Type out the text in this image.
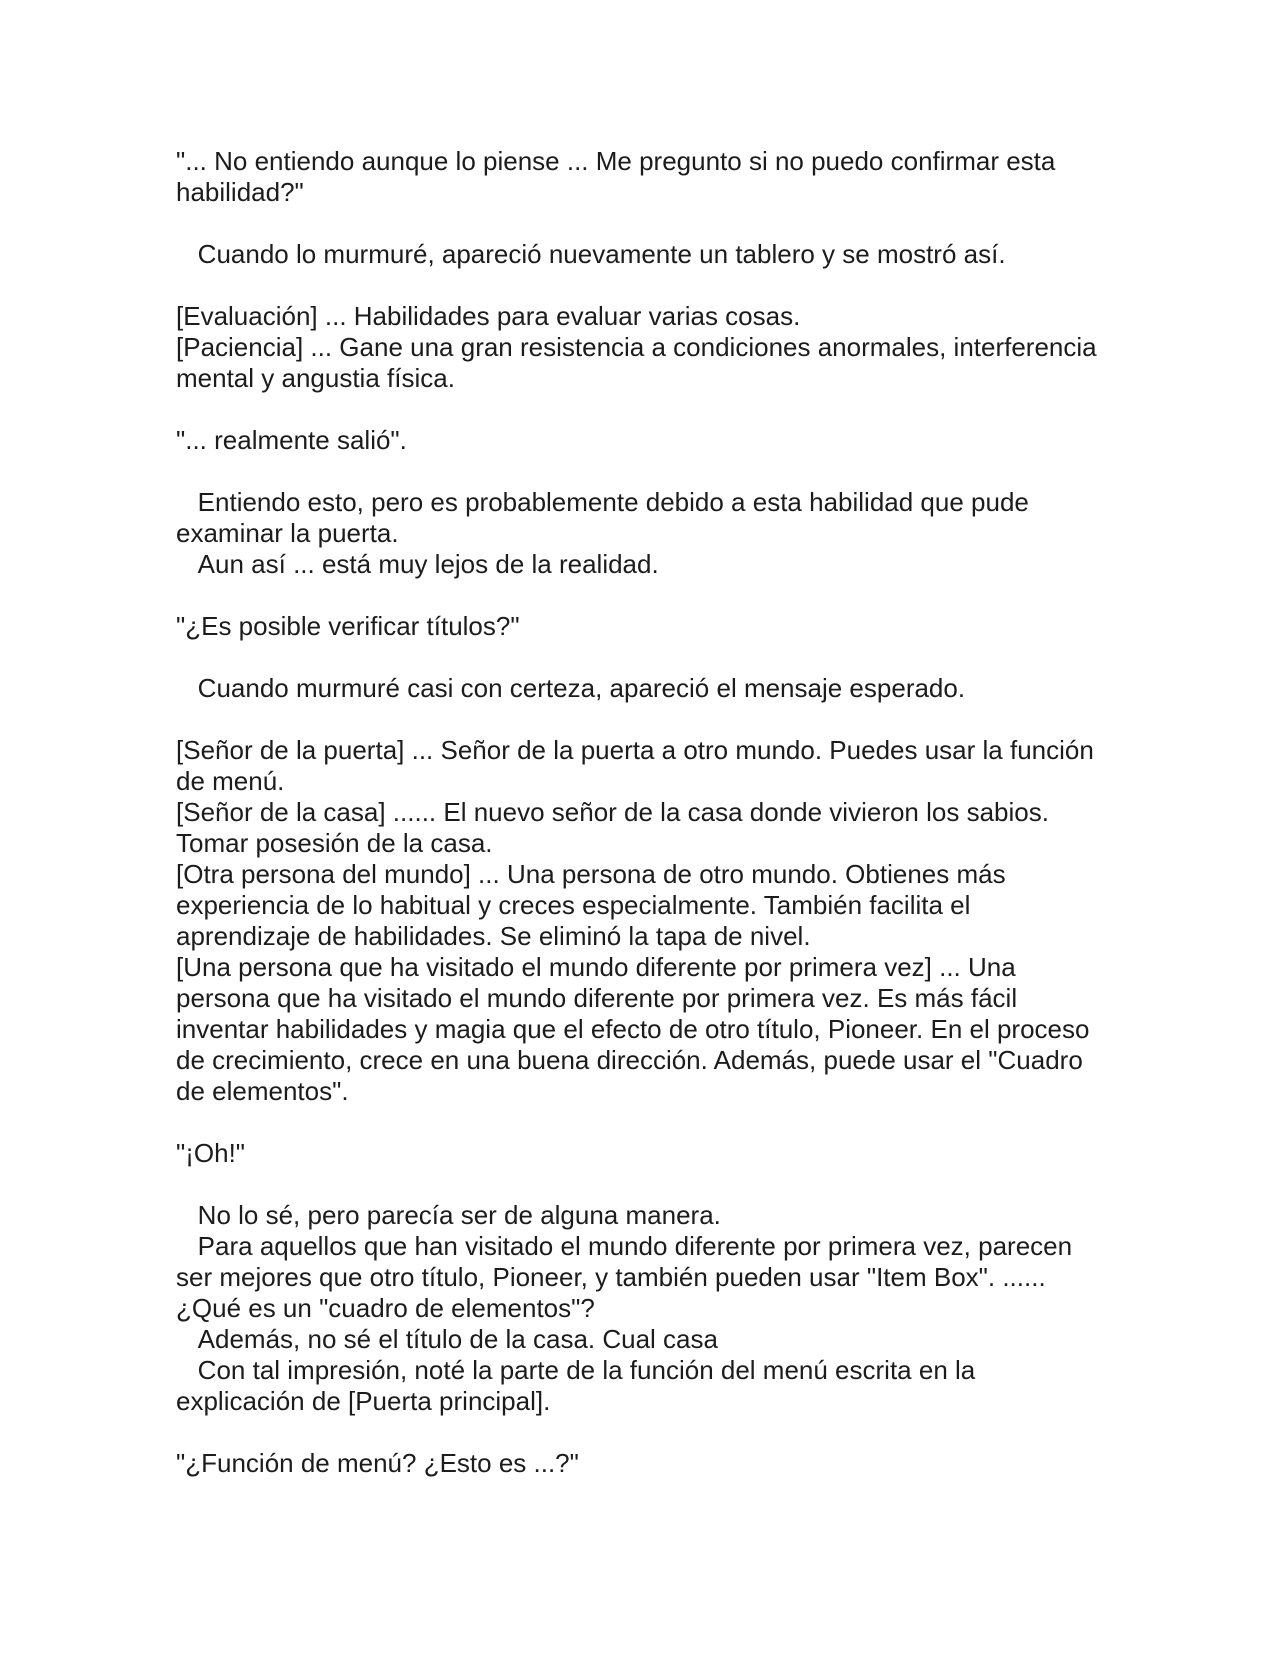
"... No entiendo aunque lo piense ... Me pregunto si no puedo confirmar esta habilidad?"

Cuando lo murmuré, apareció nuevamente un tablero y se mostró así.

[Evaluación] ... Habilidades para evaluar varias cosas.

[Paciencia] ... Gane una gran resistencia a condiciones anormales, interferencia mental y angustia física.

"... realmente salió".

Entiendo esto, pero es probablemente debido a esta habilidad que pude examinar la puerta.

Aun así ... está muy lejos de la realidad.

"¿Es posible verificar títulos?"

Cuando murmuré casi con certeza, apareció el mensaje esperado.

[Señor de la puerta] ... Señor de la puerta a otro mundo. Puedes usar la función de menú.

[Señor de la casa] ...... El nuevo señor de la casa donde vivieron los sabios. Tomar posesión de la casa.

[Otra persona del mundo] ... Una persona de otro mundo. Obtienes más experiencia de lo habitual y creces especialmente. También facilita el aprendizaje de habilidades. Se eliminó la tapa de nivel.

[Una persona que ha visitado el mundo diferente por primera vez] ... Una persona que ha visitado el mundo diferente por primera vez. Es más fácil inventar habilidades y magia que el efecto de otro título, Pioneer. En el proceso de crecimiento, crece en una buena dirección. Además, puede usar el "Cuadro de elementos".

"¡Oh!"

No lo sé, pero parecía ser de alguna manera.

Para aquellos que han visitado el mundo diferente por primera vez, parecen ser mejores que otro título, Pioneer, y también pueden usar "Item Box". ...... ¿Qué es un "cuadro de elementos"?

Además, no sé el título de la casa. Cual casa

Con tal impresión, noté la parte de la función del menú escrita en la explicación de [Puerta principal].

"¿Función de menú? ¿Esto es ...?"
